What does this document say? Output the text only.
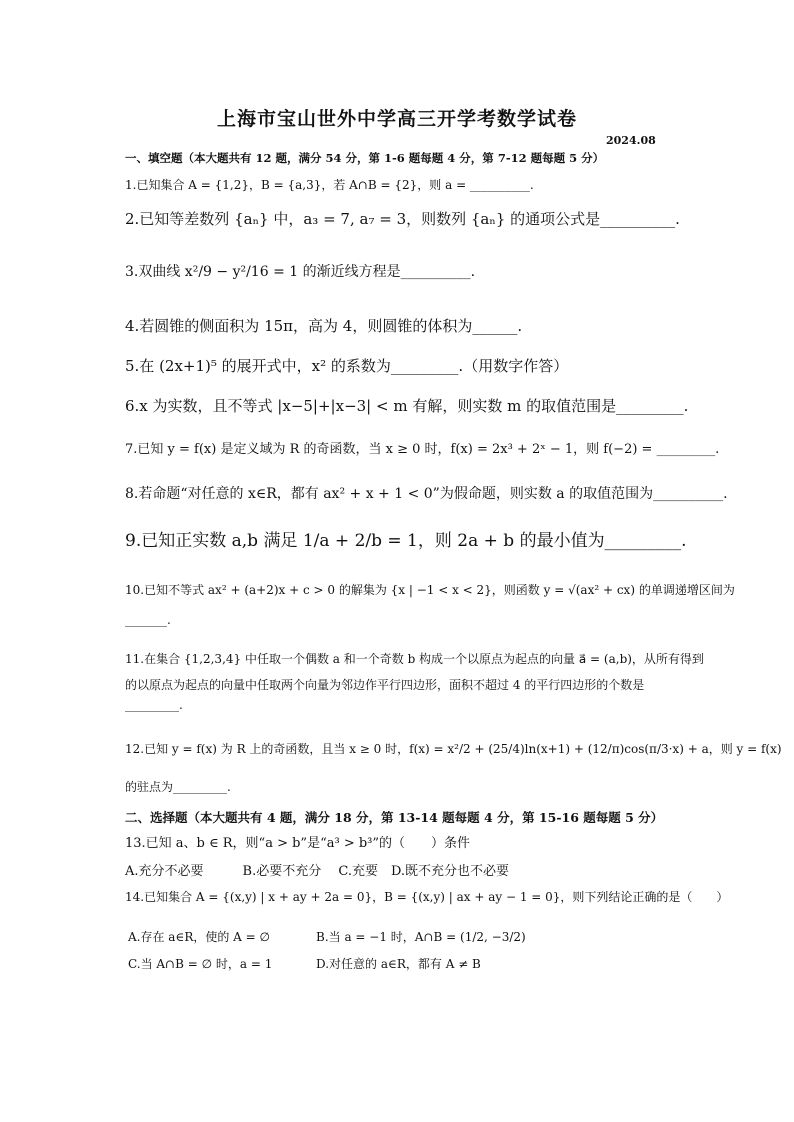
上海市宝山世外中学高三开学考数学试卷
2024.08
一、填空题（本大题共有 12 题，满分 54 分，第 1-6 题每题 4 分，第 7-12 题每题 5 分）
1.已知集合 A = {1,2}，B = {a,3}，若 A∩B = {2}，则 a = __________.
2.已知等差数列 {aₙ} 中，a₃ = 7, a₇ = 3，则数列 {aₙ} 的通项公式是__________.
3.双曲线 x²/9 − y²/16 = 1 的渐近线方程是__________.
4.若圆锥的侧面积为 15π，高为 4，则圆锥的体积为______.
5.在 (2x+1)⁵ 的展开式中，x² 的系数为_________.（用数字作答）
6.x 为实数，且不等式 |x−5|+|x−3| < m 有解，则实数 m 的取值范围是_________.
7.已知 y = f(x) 是定义域为 R 的奇函数，当 x ≥ 0 时，f(x) = 2x³ + 2ˣ − 1，则 f(−2) = _________.
8.若命题“对任意的 x∈R，都有 ax² + x + 1 < 0”为假命题，则实数 a 的取值范围为__________.
9.已知正实数 a,b 满足 1/a + 2/b = 1，则 2a + b 的最小值为_________.
10.已知不等式 ax² + (a+2)x + c > 0 的解集为 {x | −1 < x < 2}，则函数 y = √(ax² + cx) 的单调递增区间为
_______.
11.在集合 {1,2,3,4} 中任取一个偶数 a 和一个奇数 b 构成一个以原点为起点的向量 a⃗ = (a,b)，从所有得到
的以原点为起点的向量中任取两个向量为邻边作平行四边形，面积不超过 4 的平行四边形的个数是
_________.
12.已知 y = f(x) 为 R 上的奇函数，且当 x ≥ 0 时，f(x) = x²/2 + (25/4)ln(x+1) + (12/π)cos(π/3·x) + a，则 y = f(x)
的驻点为_________.
二、选择题（本大题共有 4 题，满分 18 分，第 13-14 题每题 4 分，第 15-16 题每题 5 分）
13.已知 a、b ∈ R，则“a > b”是“a³ > b³”的（　　）条件
A.充分不必要　　　B.必要不充分　 C.充要　D.既不充分也不必要
14.已知集合 A = {(x,y) | x + ay + 2a = 0}，B = {(x,y) | ax + ay − 1 = 0}，则下列结论正确的是（　　）
A.存在 a∈R，使的 A = ∅	B.当 a = −1 时，A∩B = (1/2, −3/2)
C.当 A∩B = ∅ 时，a = 1	D.对任意的 a∈R，都有 A ≠ B
